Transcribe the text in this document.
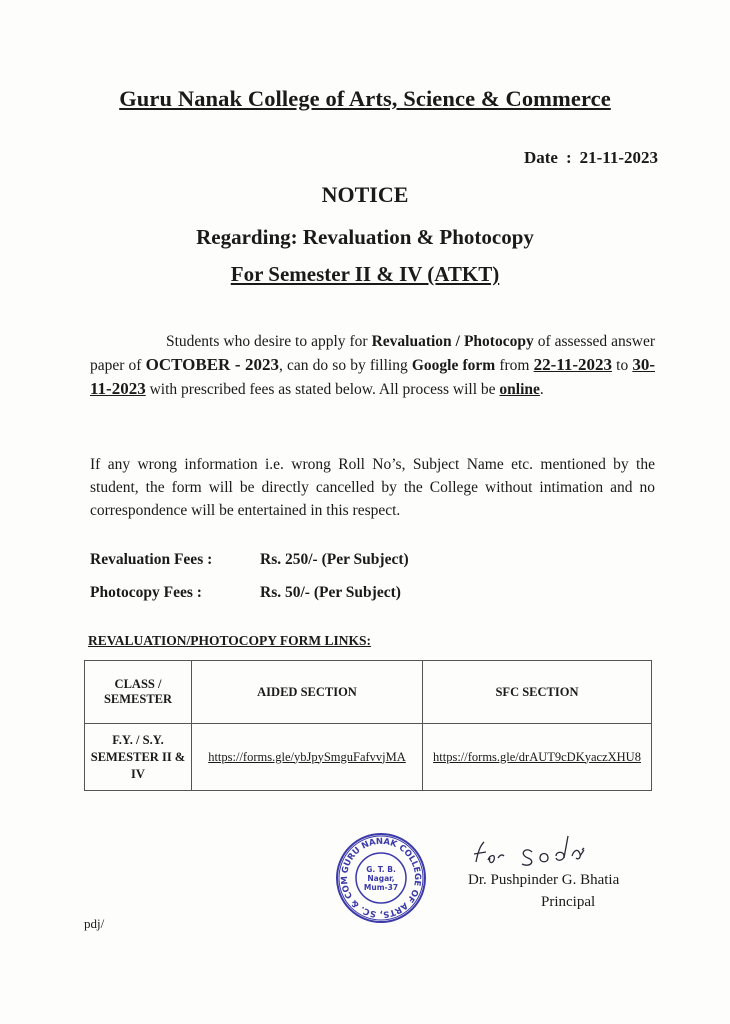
Guru Nanak College of Arts, Science & Commerce
Date : 21-11-2023
NOTICE
Regarding: Revaluation & Photocopy
For Semester II & IV (ATKT)
Students who desire to apply for Revaluation / Photocopy of assessed answer paper of OCTOBER - 2023, can do so by filling Google form from 22-11-2023 to 30-11-2023 with prescribed fees as stated below. All process will be online.
If any wrong information i.e. wrong Roll No’s, Subject Name etc. mentioned by the student, the form will be directly cancelled by the College without intimation and no correspondence will be entertained in this respect.
Revaluation Fees :	Rs. 250/- (Per Subject)
Photocopy Fees :	Rs. 50/- (Per Subject)
REVALUATION/PHOTOCOPY FORM LINKS:
CLASS / SEMESTER	AIDED SECTION	SFC SECTION
F.Y. / S.Y. SEMESTER II & IV	https://forms.gle/ybJpySmguFafvvjMA	https://forms.gle/drAUT9cDKyaczXHU8
GURU NANAK COLLEGE OF ARTS, SC. & COM
G. T. B.
Nagar,
Mum-37	Dr. Pushpinder G. Bhatia
Principal
pdj/
